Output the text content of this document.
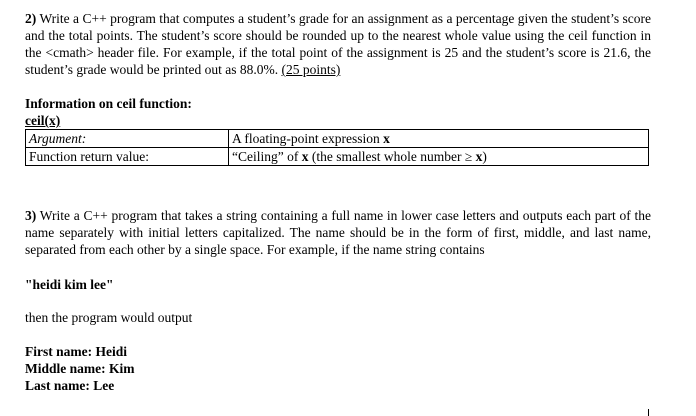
2) Write a C++ program that computes a student’s grade for an assignment as a percentage given the student’s score and the total points. The student’s score should be rounded up to the nearest whole value using the ceil function in the <cmath> header file. For example, if the total point of the assignment is 25 and the student’s score is 21.6, the student’s grade would be printed out as 88.0%. (25 points)

Information on ceil function:

ceil(x)

Argument:	A floating-point expression x
Function return value:	“Ceiling” of x (the smallest whole number ≥ x)

3) Write a C++ program that takes a string containing a full name in lower case letters and outputs each part of the name separately with initial letters capitalized. The name should be in the form of first, middle, and last name, separated from each other by a single space. For example, if the name string contains

"heidi kim lee"

then the program would output

First name: Heidi

Middle name: Kim

Last name: Lee
